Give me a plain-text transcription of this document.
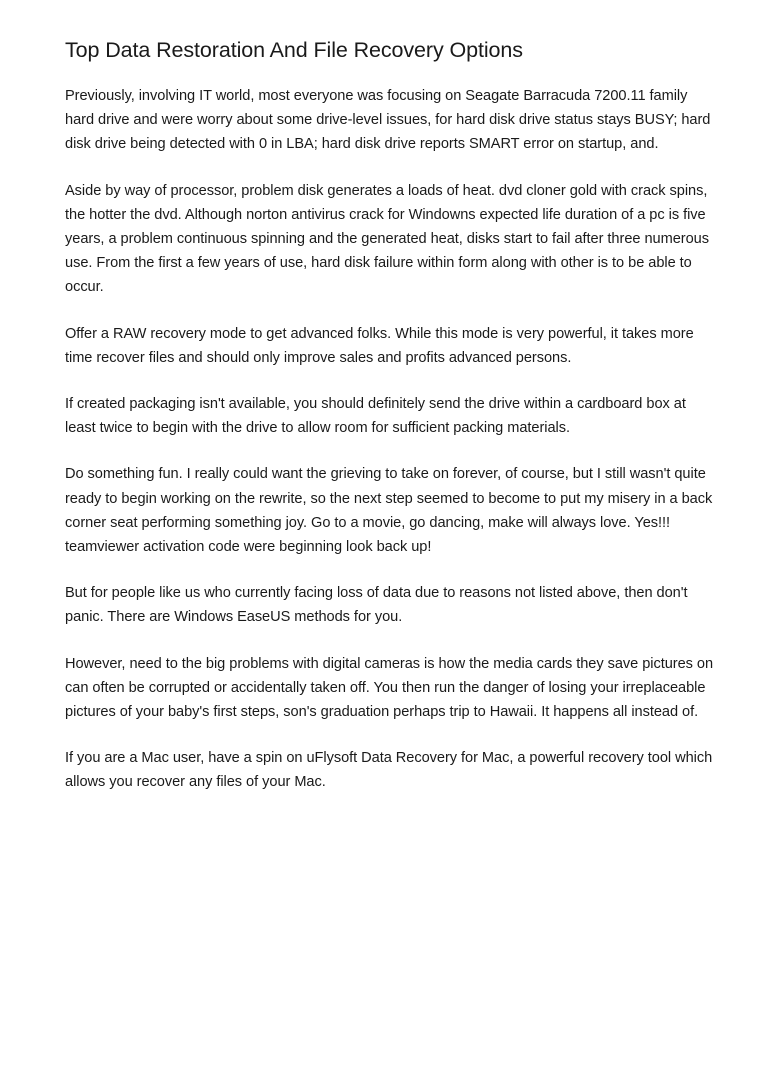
Top Data Restoration And File Recovery Options

Previously, involving IT world, most everyone was focusing on Seagate Barracuda 7200.11 family hard drive and were worry about some drive-level issues, for hard disk drive status stays BUSY; hard disk drive being detected with 0 in LBA; hard disk drive reports SMART error on startup, and.

Aside by way of processor, problem disk generates a loads of heat. dvd cloner gold with crack spins, the hotter the dvd. Although norton antivirus crack for Windowns expected life duration of a pc is five years, a problem continuous spinning and the generated heat, disks start to fail after three numerous use. From the first a few years of use, hard disk failure within form along with other is to be able to occur.

Offer a RAW recovery mode to get advanced folks. While this mode is very powerful, it takes more time recover files and should only improve sales and profits advanced persons.

If created packaging isn't available, you should definitely send the drive within a cardboard box at least twice to begin with the drive to allow room for sufficient packing materials.

Do something fun. I really could want the grieving to take on forever, of course, but I still wasn't quite ready to begin working on the rewrite, so the next step seemed to become to put my misery in a back corner seat performing something joy. Go to a movie, go dancing, make will always love. Yes!!! teamviewer activation code were beginning look back up!

But for people like us who currently facing loss of data due to reasons not listed above, then don't panic. There are Windows EaseUS methods for you.

However, need to the big problems with digital cameras is how the media cards they save pictures on can often be corrupted or accidentally taken off. You then run the danger of losing your irreplaceable pictures of your baby's first steps, son's graduation perhaps trip to Hawaii. It happens all instead of.

If you are a Mac user, have a spin on uFlysoft Data Recovery for Mac, a powerful recovery tool which allows you recover any files of your Mac.
